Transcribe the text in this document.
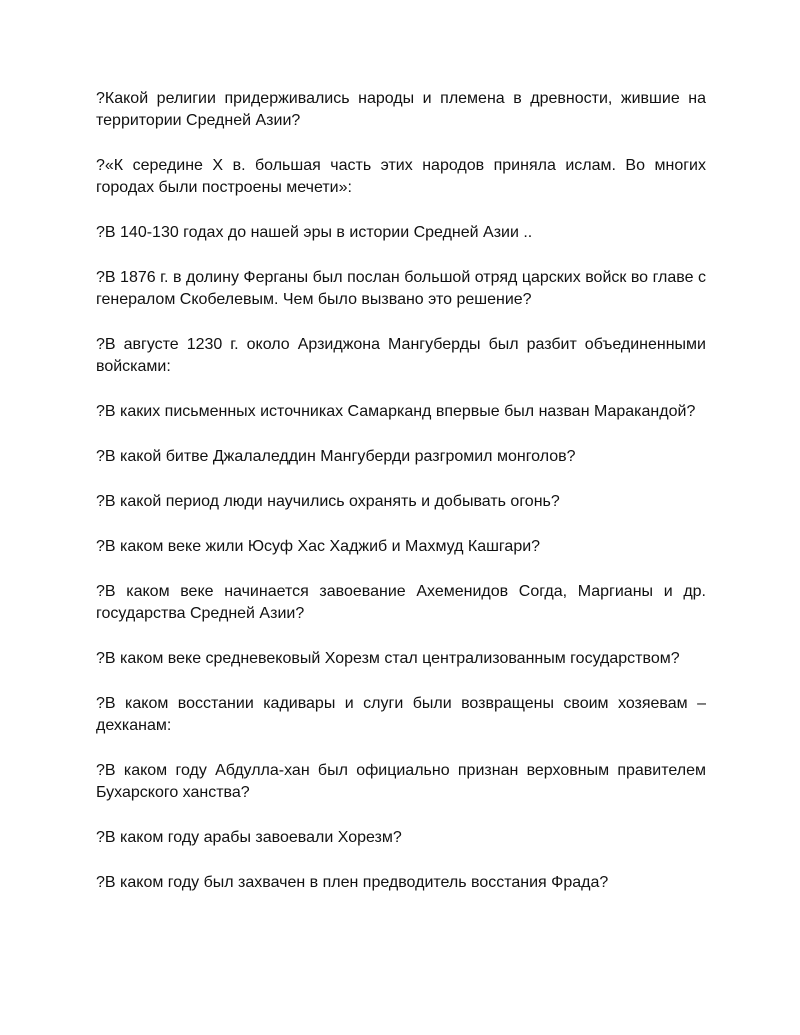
?Какой религии придерживались народы и племена в древности, жившие на территории Средней Азии?

?«К середине X в. большая часть этих народов приняла ислам. Во многих городах были построены мечети»:

?В 140-130 годах до нашей эры в истории Средней Азии ..

?В 1876 г. в долину Ферганы был послан большой отряд царских войск во главе с генералом Скобелевым. Чем было вызвано это решение?

?В августе 1230 г. около Арзиджона Мангуберды был разбит объединенными войсками:

?В каких письменных источниках Самарканд впервые был назван Маракандой?

?В какой битве Джалаледдин Мангуберди разгромил монголов?

?В какой период люди научились охранять и добывать огонь?

?В каком веке жили Юсуф Хас Хаджиб и Махмуд Кашгари?

?В каком веке начинается завоевание Ахеменидов Согда, Маргианы и др. государства Средней Азии?

?В каком веке средневековый Хорезм стал централизованным государством?

?В каком восстании кадивары и слуги были возвращены своим хозяевам – дехканам:

?В каком году Абдулла-хан был официально признан верховным правителем Бухарского ханства?

?В каком году арабы завоевали Хорезм?

?В каком году был захвачен в плен предводитель восстания Фрада?
